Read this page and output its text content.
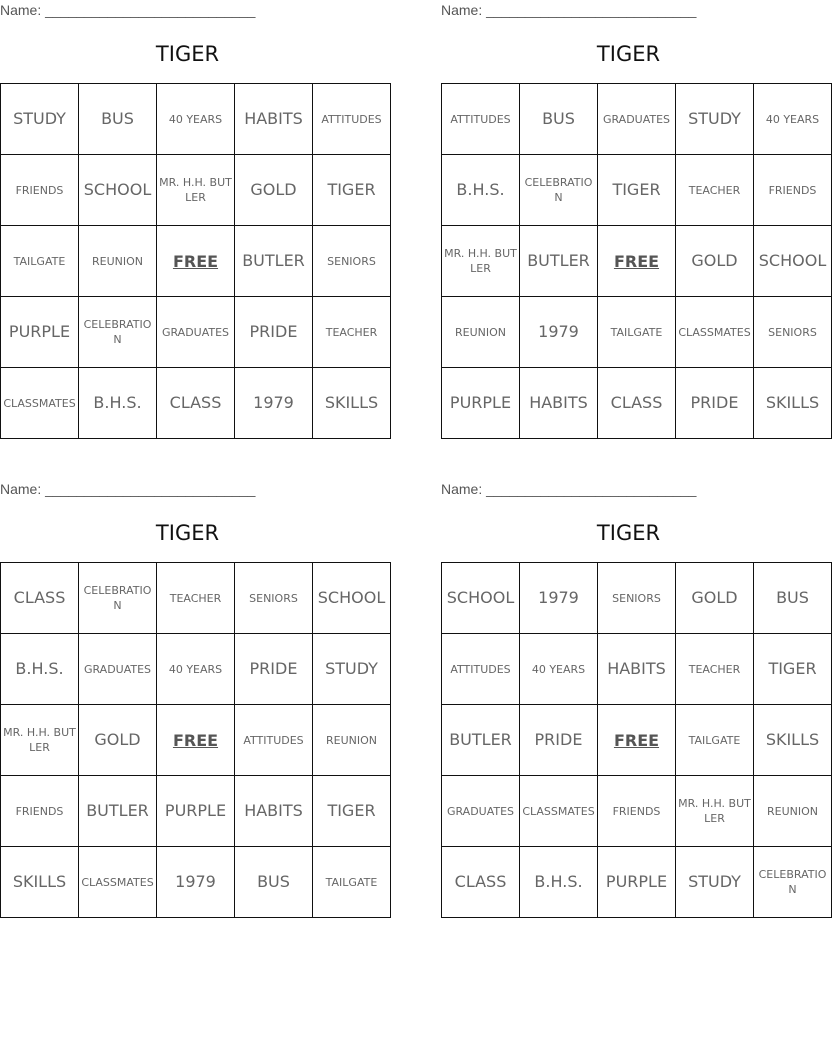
Name: ___________________________
TIGER
STUDY	BUS	40 YEARS	HABITS	ATTITUDES
FRIENDS	SCHOOL	MR. H.H. BUTLER	GOLD	TIGER
TAILGATE	REUNION	FREE	BUTLER	SENIORS
PURPLE	CELEBRATION	GRADUATES	PRIDE	TEACHER
CLASSMATES	B.H.S.	CLASS	1979	SKILLS
Name: ___________________________
TIGER
ATTITUDES	BUS	GRADUATES	STUDY	40 YEARS
B.H.S.	CELEBRATION	TIGER	TEACHER	FRIENDS
MR. H.H. BUTLER	BUTLER	FREE	GOLD	SCHOOL
REUNION	1979	TAILGATE	CLASSMATES	SENIORS
PURPLE	HABITS	CLASS	PRIDE	SKILLS
Name: ___________________________
TIGER
CLASS	CELEBRATION	TEACHER	SENIORS	SCHOOL
B.H.S.	GRADUATES	40 YEARS	PRIDE	STUDY
MR. H.H. BUTLER	GOLD	FREE	ATTITUDES	REUNION
FRIENDS	BUTLER	PURPLE	HABITS	TIGER
SKILLS	CLASSMATES	1979	BUS	TAILGATE
Name: ___________________________
TIGER
SCHOOL	1979	SENIORS	GOLD	BUS
ATTITUDES	40 YEARS	HABITS	TEACHER	TIGER
BUTLER	PRIDE	FREE	TAILGATE	SKILLS
GRADUATES	CLASSMATES	FRIENDS	MR. H.H. BUTLER	REUNION
CLASS	B.H.S.	PURPLE	STUDY	CELEBRATION
